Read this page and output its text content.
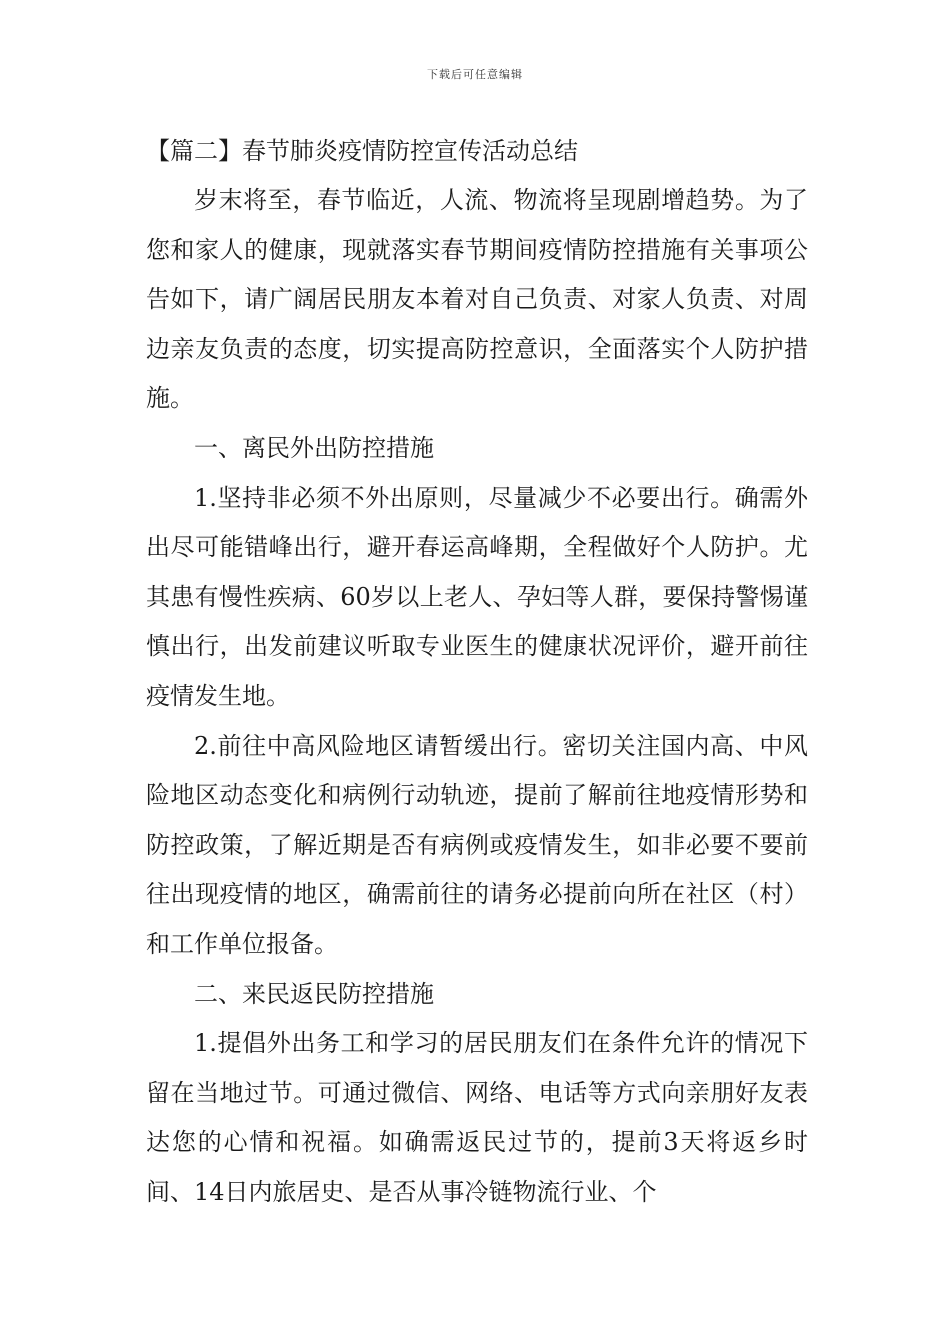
下载后可任意编辑
【篇二】春节肺炎疫情防控宣传活动总结

岁末将至，春节临近，人流、物流将呈现剧增趋势。为了您和家人的健康，现就落实春节期间疫情防控措施有关事项公告如下，请广阔居民朋友本着对自己负责、对家人负责、对周边亲友负责的态度，切实提高防控意识，全面落实个人防护措施。

一、离民外出防控措施

1.坚持非必须不外出原则，尽量减少不必要出行。确需外出尽可能错峰出行，避开春运高峰期，全程做好个人防护。尤其患有慢性疾病、60岁以上老人、孕妇等人群，要保持警惕谨慎出行，出发前建议听取专业医生的健康状况评价，避开前往疫情发生地。

2.前往中高风险地区请暂缓出行。密切关注国内高、中风险地区动态变化和病例行动轨迹，提前了解前往地疫情形势和防控政策，了解近期是否有病例或疫情发生，如非必要不要前往出现疫情的地区，确需前往的请务必提前向所在社区（村）和工作单位报备。

二、来民返民防控措施

1.提倡外出务工和学习的居民朋友们在条件允许的情况下留在当地过节。可通过微信、网络、电话等方式向亲朋好友表达您的心情和祝福。如确需返民过节的，提前3天将返乡时间、14日内旅居史、是否从事冷链物流行业、个
